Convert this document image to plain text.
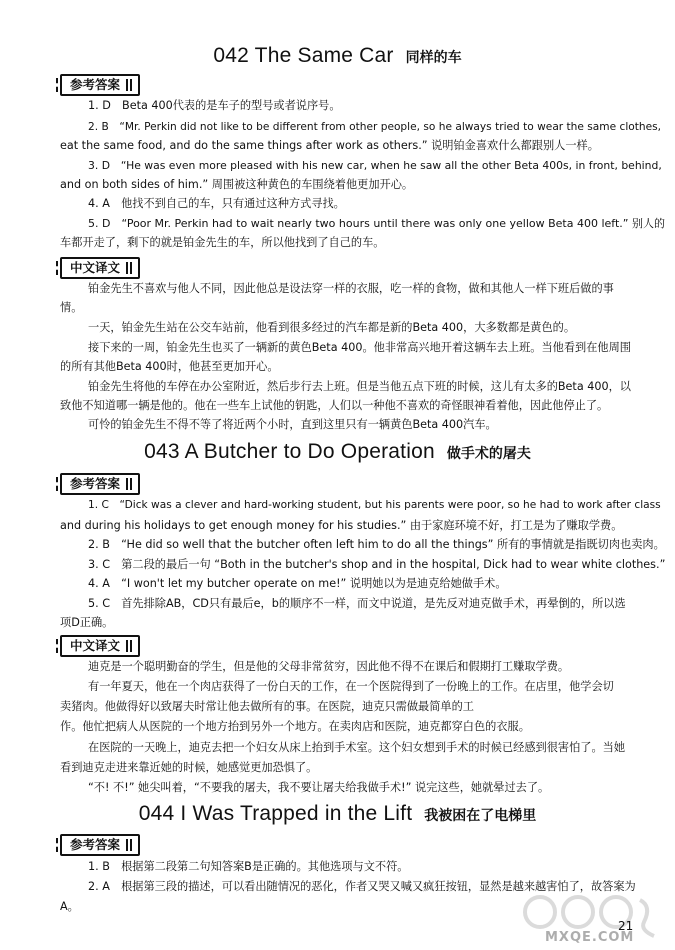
042 The Same Car 同样的车
参考答案
1. D　Beta 400代表的是车子的型号或者说序号。
2. B　“Mr. Perkin did not like to be different from other people, so he always tried to wear the same clothes,
eat the same food, and do the same things after work as others.” 说明铂金喜欢什么都跟别人一样。
3. D　“He was even more pleased with his new car, when he saw all the other Beta 400s, in front, behind,
and on both sides of him.” 周围被这种黄色的车围绕着他更加开心。
4. A　他找不到自己的车，只有通过这种方式寻找。
5. D　“Poor Mr. Perkin had to wait nearly two hours until there was only one yellow Beta 400 left.” 别人的
车都开走了，剩下的就是铂金先生的车，所以他找到了自己的车。
中文译文
铂金先生不喜欢与他人不同，因此他总是设法穿一样的衣服，吃一样的食物，做和其他人一样下班后做的事
情。
一天，铂金先生站在公交车站前，他看到很多经过的汽车都是新的Beta 400，大多数都是黄色的。
接下来的一周，铂金先生也买了一辆新的黄色Beta 400。他非常高兴地开着这辆车去上班。当他看到在他周围
的所有其他Beta 400时，他甚至更加开心。
铂金先生将他的车停在办公室附近，然后步行去上班。但是当他五点下班的时候，这儿有太多的Beta 400，以
致他不知道哪一辆是他的。他在一些车上试他的钥匙，人们以一种他不喜欢的奇怪眼神看着他，因此他停止了。
可怜的铂金先生不得不等了将近两个小时，直到这里只有一辆黄色Beta 400汽车。
043 A Butcher to Do Operation 做手术的屠夫
参考答案
1. C　“Dick was a clever and hard-working student, but his parents were poor, so he had to work after class
and during his holidays to get enough money for his studies.” 由于家庭环境不好，打工是为了赚取学费。
2. B　“He did so well that the butcher often left him to do all the things” 所有的事情就是指既切肉也卖肉。
3. C　第二段的最后一句 “Both in the butcher's shop and in the hospital, Dick had to wear white clothes.”
4. A　“I won't let my butcher operate on me!” 说明她以为是迪克给她做手术。
5. C　首先排除AB，CD只有最后e，b的顺序不一样，而文中说道，是先反对迪克做手术，再晕倒的，所以选
项D正确。
中文译文
迪克是一个聪明勤奋的学生，但是他的父母非常贫穷，因此他不得不在课后和假期打工赚取学费。
有一年夏天，他在一个肉店获得了一份白天的工作，在一个医院得到了一份晚上的工作。在店里，他学会切
卖猪肉。他做得好以致屠夫时常让他去做所有的事。在医院，迪克只需做最简单的工
作。他忙把病人从医院的一个地方抬到另外一个地方。在卖肉店和医院，迪克都穿白色的衣服。
在医院的一天晚上，迪克去把一个妇女从床上抬到手术室。这个妇女想到手术的时候已经感到很害怕了。当她
看到迪克走进来靠近她的时候，她感觉更加恐惧了。
“不! 不!” 她尖叫着，“不要我的屠夫，我不要让屠夫给我做手术!” 说完这些，她就晕过去了。
044 I Was Trapped in the Lift 我被困在了电梯里
参考答案
1. B　根据第二段第二句知答案B是正确的。其他选项与文不符。
2. A　根据第三段的描述，可以看出随情况的恶化，作者又哭又喊又疯狂按钮，显然是越来越害怕了，故答案为
A。
MXQE.COM
21
